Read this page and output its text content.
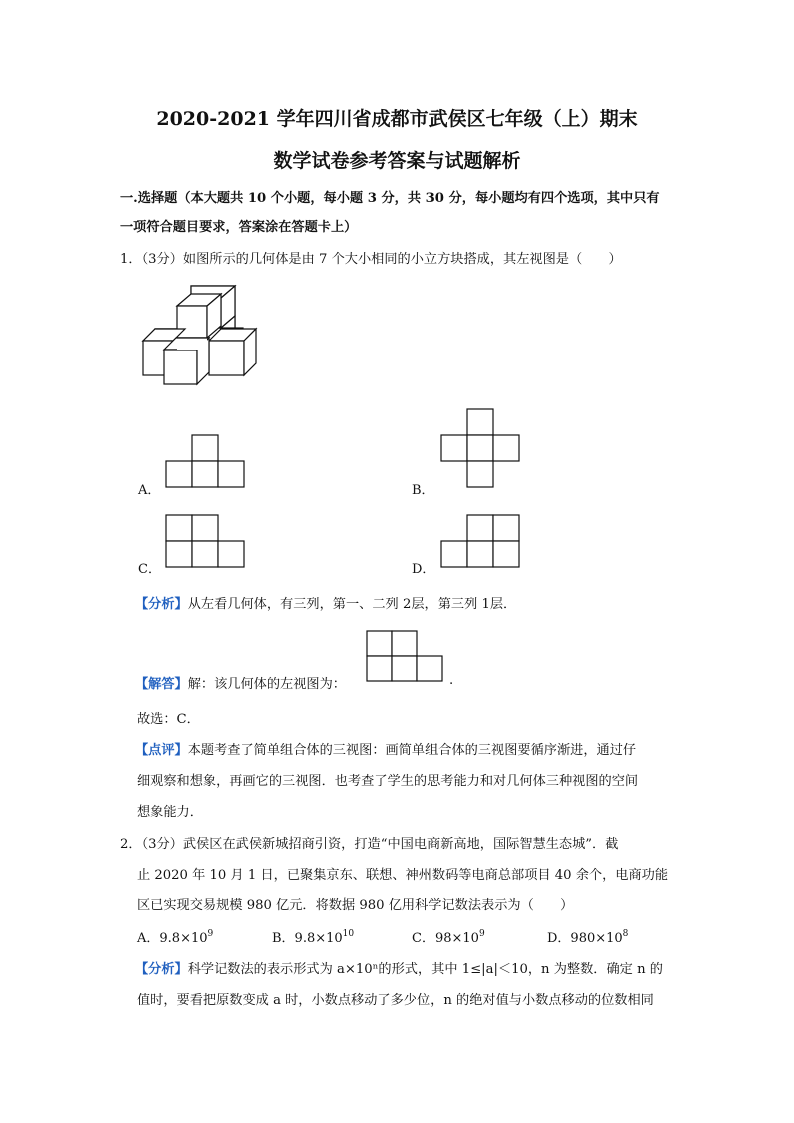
2020-2021 学年四川省成都市武侯区七年级（上）期末
数学试卷参考答案与试题解析
一.选择题（本大题共 10 个小题，每小题 3 分，共 30 分，每小题均有四个选项，其中只有
一项符合题目要求，答案涂在答题卡上）
1．（3分）如图所示的几何体是由 7 个大小相同的小立方块搭成，其左视图是（　　）
A．	B．
C．	D．
【分析】从左看几何体，有三列，第一、二列 2层，第三列 1层．
【解答】解：该几何体的左视图为：	.
故选：C．
【点评】本题考查了简单组合体的三视图：画简单组合体的三视图要循序渐进，通过仔
细观察和想象，再画它的三视图．也考查了学生的思考能力和对几何体三种视图的空间
想象能力．
2．（3分）武侯区在武侯新城招商引资，打造“中国电商新高地，国际智慧生态城”．截
止 2020 年 10 月 1 日，已聚集京东、联想、神州数码等电商总部项目 40 余个，电商功能
区已实现交易规模 980 亿元．将数据 980 亿用科学记数法表示为（　　）
A．$9.8\times 10^9$	B．$9.8\times 10^{10}$	C．$98\times 10^9$	D．$980\times 10^8$
【分析】科学记数法的表示形式为 a×10ⁿ的形式，其中 1≤|a|＜10，n 为整数．确定 n 的
值时，要看把原数变成 a 时，小数点移动了多少位，n 的绝对值与小数点移动的位数相同
